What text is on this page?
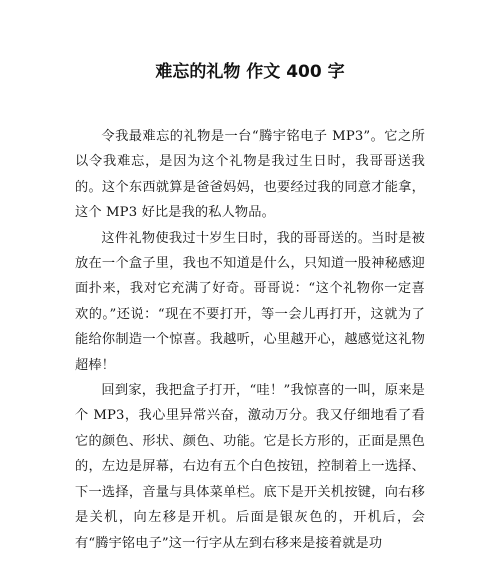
难忘的礼物 作文 400 字

令我最难忘的礼物是一台“腾宇铭电子 MP3”。它之所以令我难忘，是因为这个礼物是我过生日时，我哥哥送我的。这个东西就算是爸爸妈妈，也要经过我的同意才能拿，这个 MP3 好比是我的私人物品。

这件礼物使我过十岁生日时，我的哥哥送的。当时是被放在一个盒子里，我也不知道是什么，只知道一股神秘感迎面扑来，我对它充满了好奇。哥哥说：“这个礼物你一定喜欢的。”还说：“现在不要打开，等一会儿再打开，这就为了能给你制造一个惊喜。我越听，心里越开心，越感觉这礼物超棒！

回到家，我把盒子打开，“哇！”我惊喜的一叫，原来是个 MP3，我心里异常兴奋，激动万分。我又仔细地看了看它的颜色、形状、颜色、功能。它是长方形的，正面是黑色的，左边是屏幕，右边有五个白色按钮，控制着上一选择、下一选择，音量与具体菜单栏。底下是开关机按键，向右移是关机，向左移是开机。后面是银灰色的，开机后，会有“腾宇铭电子”这一行字从左到右移来是接着就是功
